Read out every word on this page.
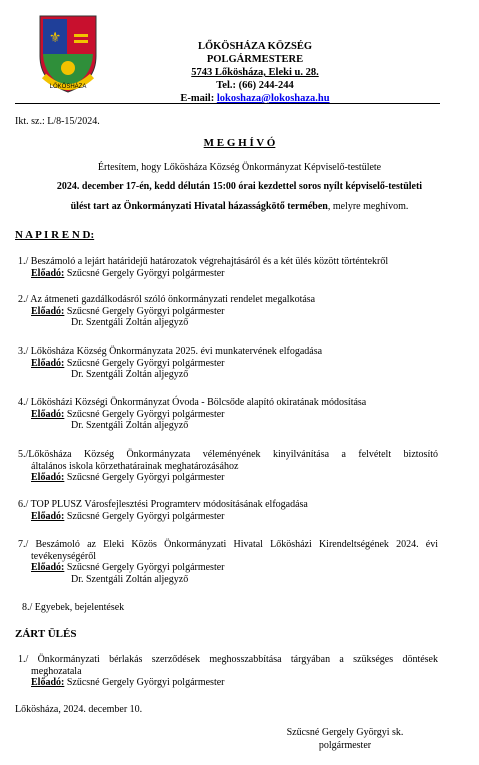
⚜
LŐKÖSHÁZA
LŐKÖSHÁZA KÖZSÉG
POLGÁRMESTERE
5743 Lőkösháza, Eleki u. 28.
Tel.: (66) 244-244
E-mail: lokoshaza@lokoshaza.hu
Ikt. sz.: L/8-15/2024.
M E G H Í V Ó
Értesítem, hogy Lőkösháza Község Önkormányzat Képviselő-testülete
2024. december 17-én, kedd délután 15:00 órai kezdettel soros nyílt képviselő-testületi
ülést tart az Önkormányzati Hivatal házasságkötő termében, melyre meghívom.
N A P I R E N D:
1./ Beszámoló a lejárt határidejű határozatok végrehajtásáról és a két ülés között történtekről
Előadó: Szűcsné Gergely Györgyi polgármester
2./ Az átmeneti gazdálkodásról szóló önkormányzati rendelet megalkotása
Előadó: Szűcsné Gergely Györgyi polgármester
Dr. Szentgáli Zoltán aljegyző
3./ Lőkösháza Község Önkormányzata 2025. évi munkatervének elfogadása
Előadó: Szűcsné Gergely Györgyi polgármester
Dr. Szentgáli Zoltán aljegyző
4./ Lőkösházi Községi Önkormányzat Óvoda - Bölcsőde alapító okiratának módosítása
Előadó: Szűcsné Gergely Györgyi polgármester
Dr. Szentgáli Zoltán aljegyző
5./Lőkösháza Község Önkormányzata véleményének kinyilvánítása a felvételt biztosító
általános iskola körzethatárainak meghatározásához
Előadó: Szűcsné Gergely Györgyi polgármester
6./ TOP PLUSZ Városfejlesztési Programterv módosításának elfogadása
Előadó: Szűcsné Gergely Györgyi polgármester
7./ Beszámoló az Eleki Közös Önkormányzati Hivatal Lőkösházi Kirendeltségének 2024. évi
tevékenységéről
Előadó: Szűcsné Gergely Györgyi polgármester
Dr. Szentgáli Zoltán aljegyző
8./ Egyebek, bejelentések
ZÁRT ÜLÉS
1./ Önkormányzati bérlakás szerződések meghosszabbítása tárgyában a szükséges döntések
meghozatala
Előadó: Szűcsné Gergely Györgyi polgármester
Lőkösháza, 2024. december 10.
Szűcsné Gergely Györgyi sk.
polgármester
